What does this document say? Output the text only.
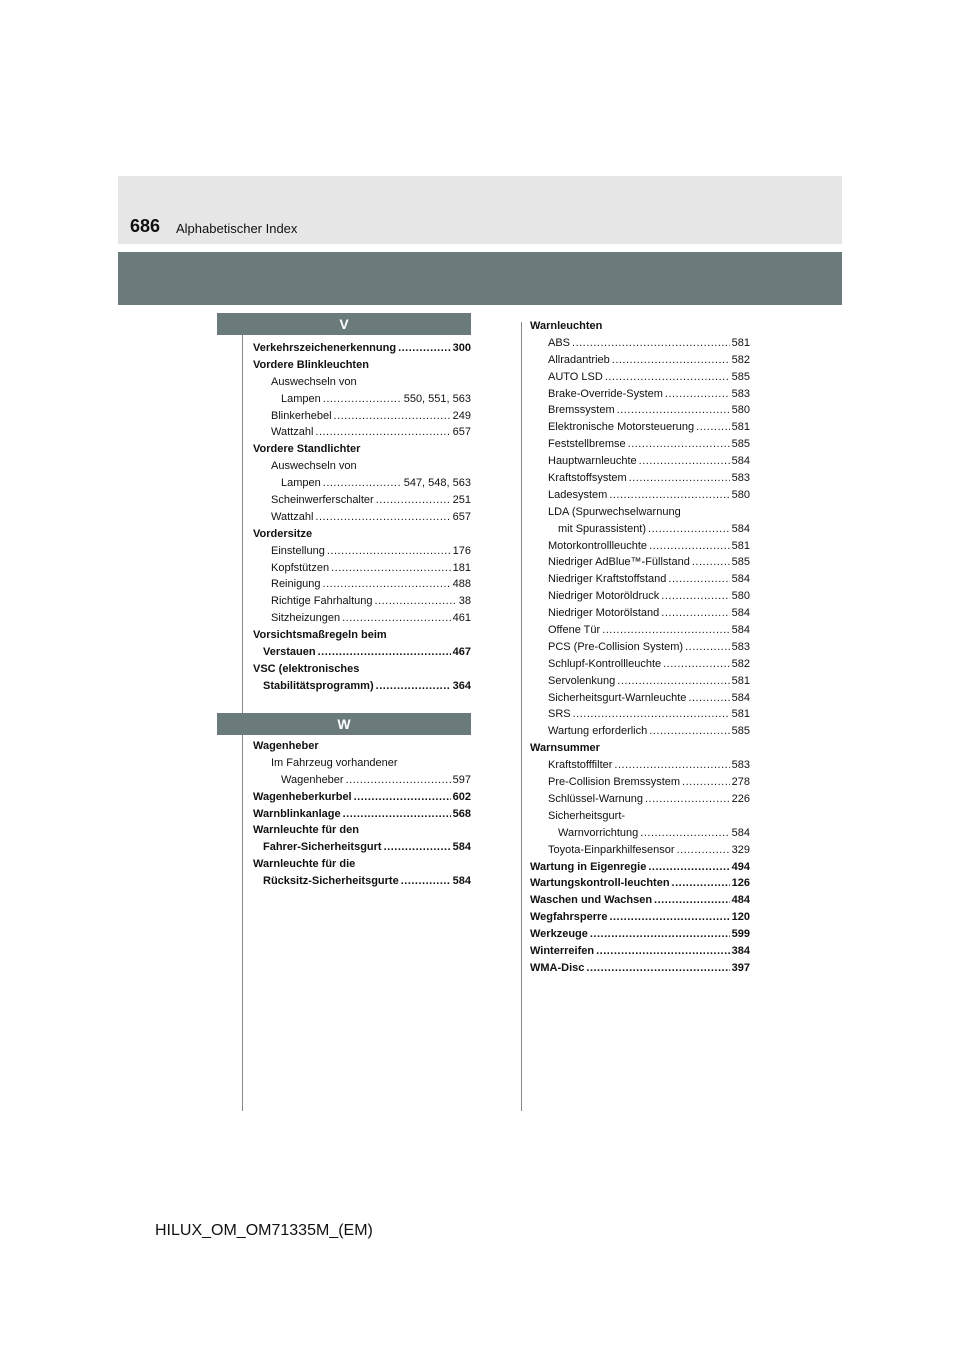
686 Alphabetischer Index
V
Verkehrszeichenerkennung .....	300
Vordere Blinkleuchten
Auswechseln von
Lampen .....	550, 551, 563
Blinkerhebel .....	249
Wattzahl .....	657
Vordere Standlichter
Auswechseln von
Lampen .....	547, 548, 563
Scheinwerferschalter .....	251
Wattzahl .....	657
Vordersitze
Einstellung .....	176
Kopfstützen .....	181
Reinigung .....	488
Richtige Fahrhaltung .....	38
Sitzheizungen .....	461
Vorsichtsmaßregeln beim
Verstauen .....	467
VSC (elektronisches
Stabilitätsprogramm) .....	364
W
Wagenheber
Im Fahrzeug vorhandener
Wagenheber .....	597
Wagenheberkurbel .....	602
Warnblinkanlage .....	568
Warnleuchte für den
Fahrer-Sicherheitsgurt .....	584
Warnleuchte für die
Rücksitz-Sicherheitsgurte .....	584
Warnleuchten
ABS .....	581
Allradantrieb .....	582
AUTO LSD .....	585
Brake-Override-System .....	583
Bremssystem .....	580
Elektronische Motorsteuerung .....	581
Feststellbremse .....	585
Hauptwarnleuchte .....	584
Kraftstoffsystem .....	583
Ladesystem .....	580
LDA (Spurwechselwarnung
mit Spurassistent) .....	584
Motorkontrollleuchte .....	581
Niedriger AdBlue™-Füllstand .....	585
Niedriger Kraftstoffstand .....	584
Niedriger Motoröldruck .....	580
Niedriger Motorölstand .....	584
Offene Tür .....	584
PCS (Pre-Collision System) .....	583
Schlupf-Kontrollleuchte .....	582
Servolenkung .....	581
Sicherheitsgurt-Warnleuchte .....	584
SRS .....	581
Wartung erforderlich .....	585
Warnsummer
Kraftstofffilter .....	583
Pre-Collision Bremssystem .....	278
Schlüssel-Warnung .....	226
Sicherheitsgurt-
Warnvorrichtung .....	584
Toyota-Einparkhilfesensor .....	329
Wartung in Eigenregie .....	494
Wartungskontroll-leuchten .....	126
Waschen und Wachsen .....	484
Wegfahrsperre .....	120
Werkzeuge .....	599
Winterreifen .....	384
WMA-Disc .....	397
HILUX_OM_OM71335M_(EM)
